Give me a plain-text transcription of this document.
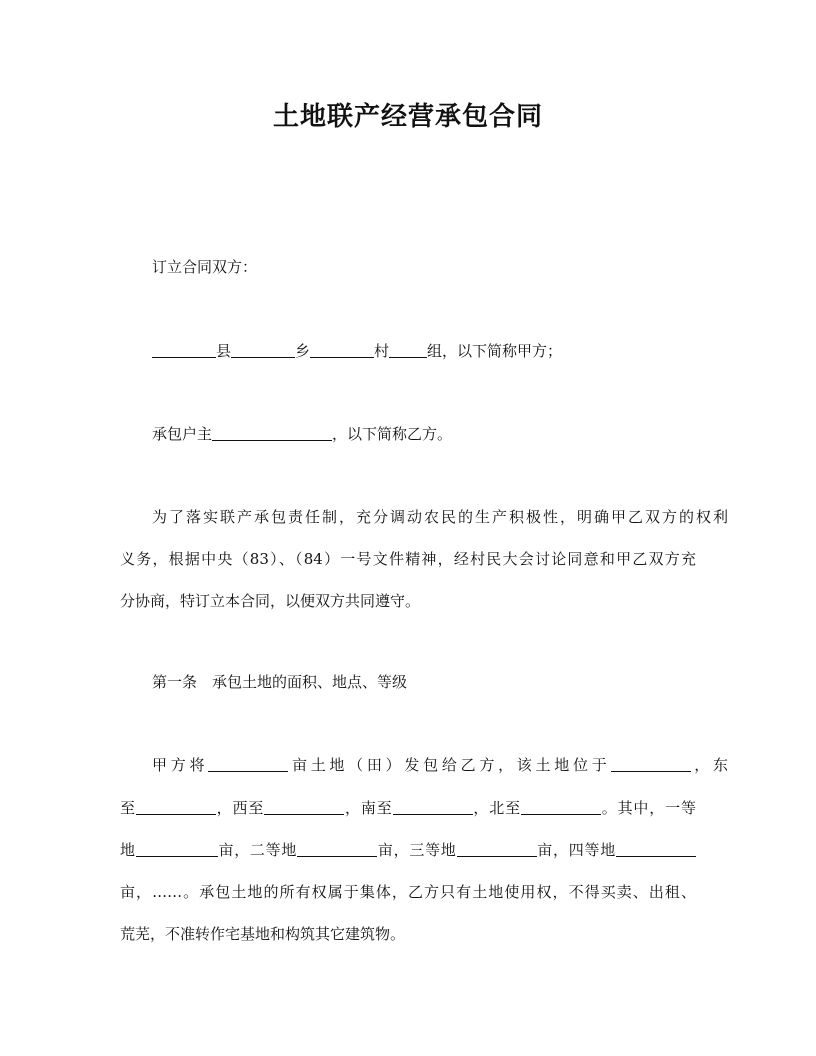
土地联产经营承包合同
订立合同双方：
县	乡	村	组，以下简称甲方；
承包户主	，以下简称乙方。
为了落实联产承包责任制，充分调动农民的生产积极性，明确甲乙双方的权利
义务，根据中央（83）、（84）一号文件精神，经村民大会讨论同意和甲乙双方充
分协商，特订立本合同，以便双方共同遵守。
第一条　承包土地的面积、地点、等级
甲方将	亩土地（田）发包给乙方，该土地位于	，东
至	，西至	，南至	，北至	。其中，一等
地	亩，二等地	亩，三等地	亩，四等地
亩，……。承包土地的所有权属于集体，乙方只有土地使用权，不得买卖、出租、
荒芜，不准转作宅基地和构筑其它建筑物。
